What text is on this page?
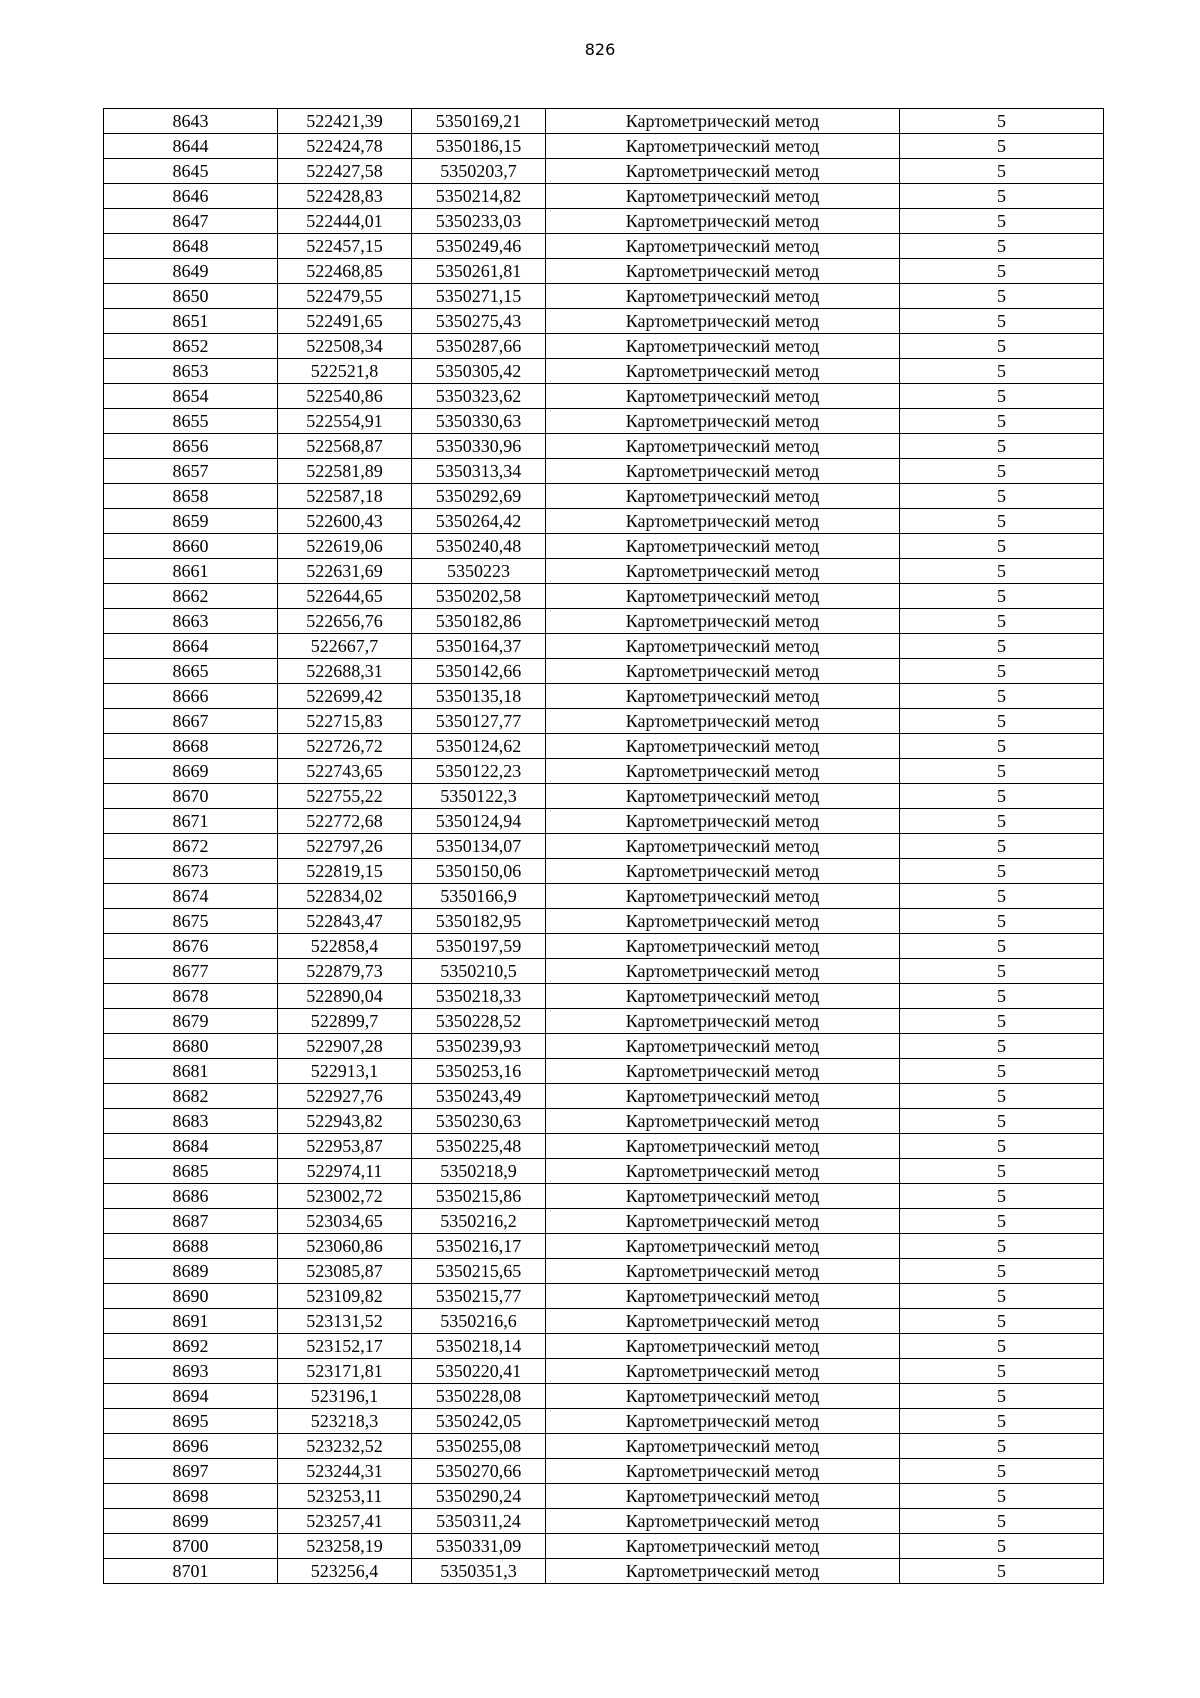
826
8643	522421,39	5350169,21	Картометрический метод	5
8644	522424,78	5350186,15	Картометрический метод	5
8645	522427,58	5350203,7	Картометрический метод	5
8646	522428,83	5350214,82	Картометрический метод	5
8647	522444,01	5350233,03	Картометрический метод	5
8648	522457,15	5350249,46	Картометрический метод	5
8649	522468,85	5350261,81	Картометрический метод	5
8650	522479,55	5350271,15	Картометрический метод	5
8651	522491,65	5350275,43	Картометрический метод	5
8652	522508,34	5350287,66	Картометрический метод	5
8653	522521,8	5350305,42	Картометрический метод	5
8654	522540,86	5350323,62	Картометрический метод	5
8655	522554,91	5350330,63	Картометрический метод	5
8656	522568,87	5350330,96	Картометрический метод	5
8657	522581,89	5350313,34	Картометрический метод	5
8658	522587,18	5350292,69	Картометрический метод	5
8659	522600,43	5350264,42	Картометрический метод	5
8660	522619,06	5350240,48	Картометрический метод	5
8661	522631,69	5350223	Картометрический метод	5
8662	522644,65	5350202,58	Картометрический метод	5
8663	522656,76	5350182,86	Картометрический метод	5
8664	522667,7	5350164,37	Картометрический метод	5
8665	522688,31	5350142,66	Картометрический метод	5
8666	522699,42	5350135,18	Картометрический метод	5
8667	522715,83	5350127,77	Картометрический метод	5
8668	522726,72	5350124,62	Картометрический метод	5
8669	522743,65	5350122,23	Картометрический метод	5
8670	522755,22	5350122,3	Картометрический метод	5
8671	522772,68	5350124,94	Картометрический метод	5
8672	522797,26	5350134,07	Картометрический метод	5
8673	522819,15	5350150,06	Картометрический метод	5
8674	522834,02	5350166,9	Картометрический метод	5
8675	522843,47	5350182,95	Картометрический метод	5
8676	522858,4	5350197,59	Картометрический метод	5
8677	522879,73	5350210,5	Картометрический метод	5
8678	522890,04	5350218,33	Картометрический метод	5
8679	522899,7	5350228,52	Картометрический метод	5
8680	522907,28	5350239,93	Картометрический метод	5
8681	522913,1	5350253,16	Картометрический метод	5
8682	522927,76	5350243,49	Картометрический метод	5
8683	522943,82	5350230,63	Картометрический метод	5
8684	522953,87	5350225,48	Картометрический метод	5
8685	522974,11	5350218,9	Картометрический метод	5
8686	523002,72	5350215,86	Картометрический метод	5
8687	523034,65	5350216,2	Картометрический метод	5
8688	523060,86	5350216,17	Картометрический метод	5
8689	523085,87	5350215,65	Картометрический метод	5
8690	523109,82	5350215,77	Картометрический метод	5
8691	523131,52	5350216,6	Картометрический метод	5
8692	523152,17	5350218,14	Картометрический метод	5
8693	523171,81	5350220,41	Картометрический метод	5
8694	523196,1	5350228,08	Картометрический метод	5
8695	523218,3	5350242,05	Картометрический метод	5
8696	523232,52	5350255,08	Картометрический метод	5
8697	523244,31	5350270,66	Картометрический метод	5
8698	523253,11	5350290,24	Картометрический метод	5
8699	523257,41	5350311,24	Картометрический метод	5
8700	523258,19	5350331,09	Картометрический метод	5
8701	523256,4	5350351,3	Картометрический метод	5
